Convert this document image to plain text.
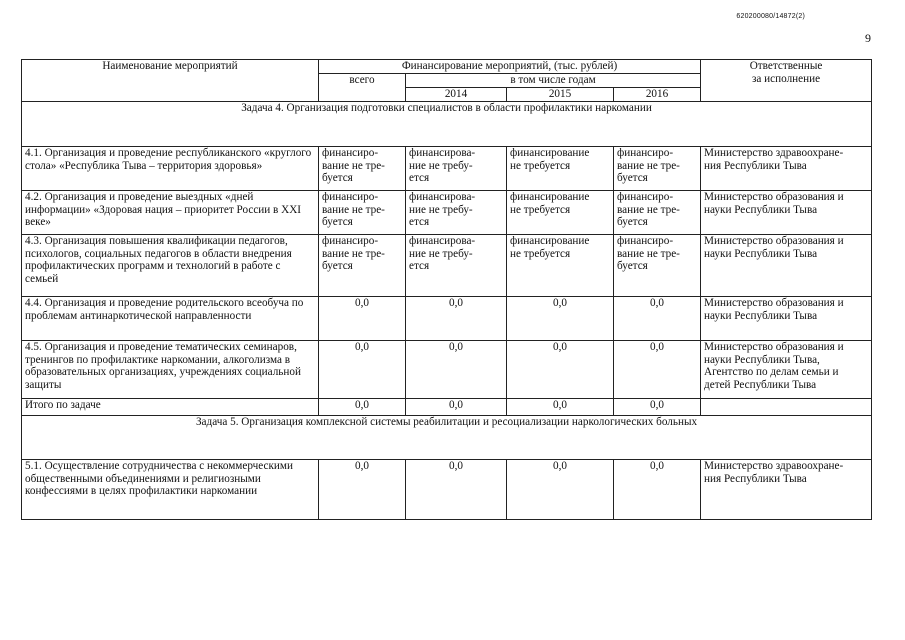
620200080/14872(2)
9
Наименование мероприятий	Финансирование мероприятий, (тыс. рублей)				Ответственные
за исполнение
	всего	в том числе годам			
		2014	2015	2016	
Задача 4. Организация подготовки специалистов в области профилактики наркомании					
4.1. Организация и проведение республиканского «круглого стола» «Республика Тыва – территория здоровья»	финансиро-
вание не тре-
буется	финансирова-
ние не требу-
ется	финансирование
не требуется	финансиро-
вание не тре-
буется	Министерство здравоохране-
ния Республики Тыва
4.2. Организация и проведение выездных «дней информации» «Здоровая нация – приоритет России в XXI веке»	финансиро-
вание не тре-
буется	финансирова-
ние не требу-
ется	финансирование
не требуется	финансиро-
вание не тре-
буется	Министерство образования и
науки Республики Тыва
4.3. Организация повышения квалификации педагогов, психологов, социальных педагогов в области внедрения профилактических программ и технологий в работе с семьей	финансиро-
вание не тре-
буется	финансирова-
ние не требу-
ется	финансирование
не требуется	финансиро-
вание не тре-
буется	Министерство образования и
науки Республики Тыва
4.4. Организация и проведение родительского всеобуча по проблемам антинаркотической направленности	0,0	0,0	0,0	0,0	Министерство образования и
науки Республики Тыва
4.5. Организация и проведение тематических семинаров, тренингов по профилактике наркомании, алкоголизма в образовательных организациях, учреждениях социальной защиты	0,0	0,0	0,0	0,0	Министерство образования и
науки Республики Тыва,
Агентство по делам семьи и
детей Республики Тыва
Итого по задаче	0,0	0,0	0,0	0,0	
Задача 5. Организация комплексной системы реабилитации и ресоциализации наркологических больных					
5.1. Осуществление сотрудничества с некоммерческими общественными объединениями и религиозными конфессиями в целях профилактики наркомании	0,0	0,0	0,0	0,0	Министерство здравоохране-
ния Республики Тыва
